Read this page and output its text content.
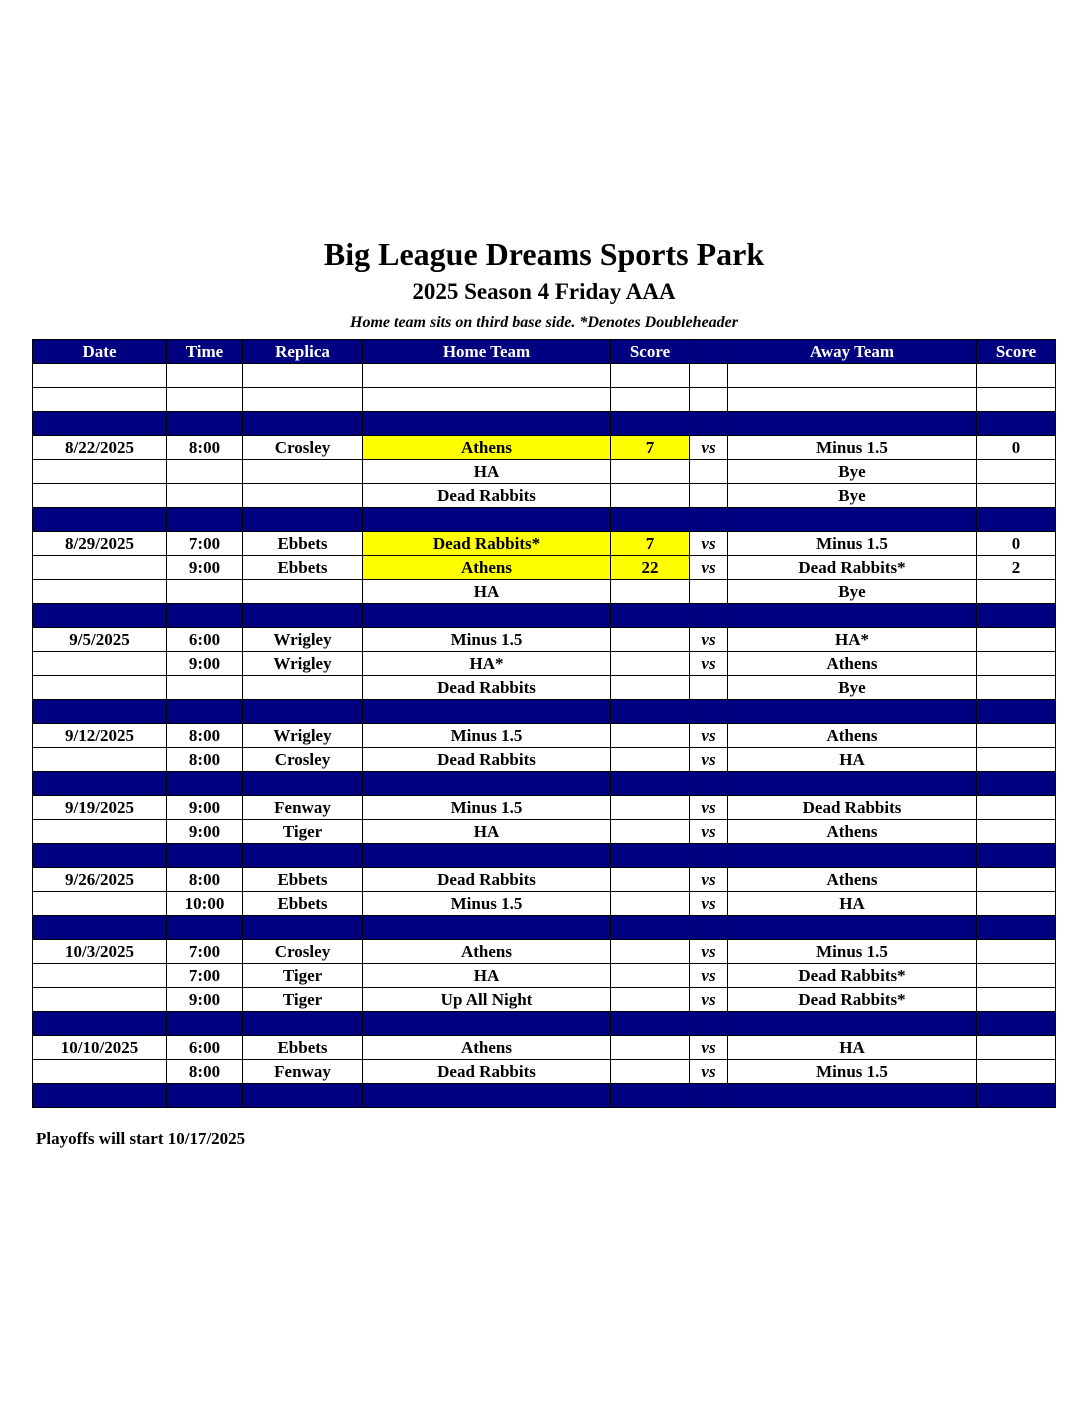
Big League Dreams Sports Park
2025 Season 4 Friday AAA
Home team sits on third base side. *Denotes Doubleheader
Date	Time	Replica	Home Team	Score		Away Team	Score

8/22/2025	8:00	Crosley	Athens	7	vs	Minus 1.5	0
			HA			Bye	
			Dead Rabbits			Bye	

8/29/2025	7:00	Ebbets	Dead Rabbits*	7	vs	Minus 1.5	0
	9:00	Ebbets	Athens	22	vs	Dead Rabbits*	2
			HA			Bye	

9/5/2025	6:00	Wrigley	Minus 1.5		vs	HA*	
	9:00	Wrigley	HA*		vs	Athens	
			Dead Rabbits			Bye	

9/12/2025	8:00	Wrigley	Minus 1.5		vs	Athens	
	8:00	Crosley	Dead Rabbits		vs	HA	

9/19/2025	9:00	Fenway	Minus 1.5		vs	Dead Rabbits	
	9:00	Tiger	HA		vs	Athens	

9/26/2025	8:00	Ebbets	Dead Rabbits		vs	Athens	
	10:00	Ebbets	Minus 1.5		vs	HA	

10/3/2025	7:00	Crosley	Athens		vs	Minus 1.5	
	7:00	Tiger	HA		vs	Dead Rabbits*	
	9:00	Tiger	Up All Night		vs	Dead Rabbits*	

10/10/2025	6:00	Ebbets	Athens		vs	HA	
	8:00	Fenway	Dead Rabbits		vs	Minus 1.5	

Playoffs will start 10/17/2025
